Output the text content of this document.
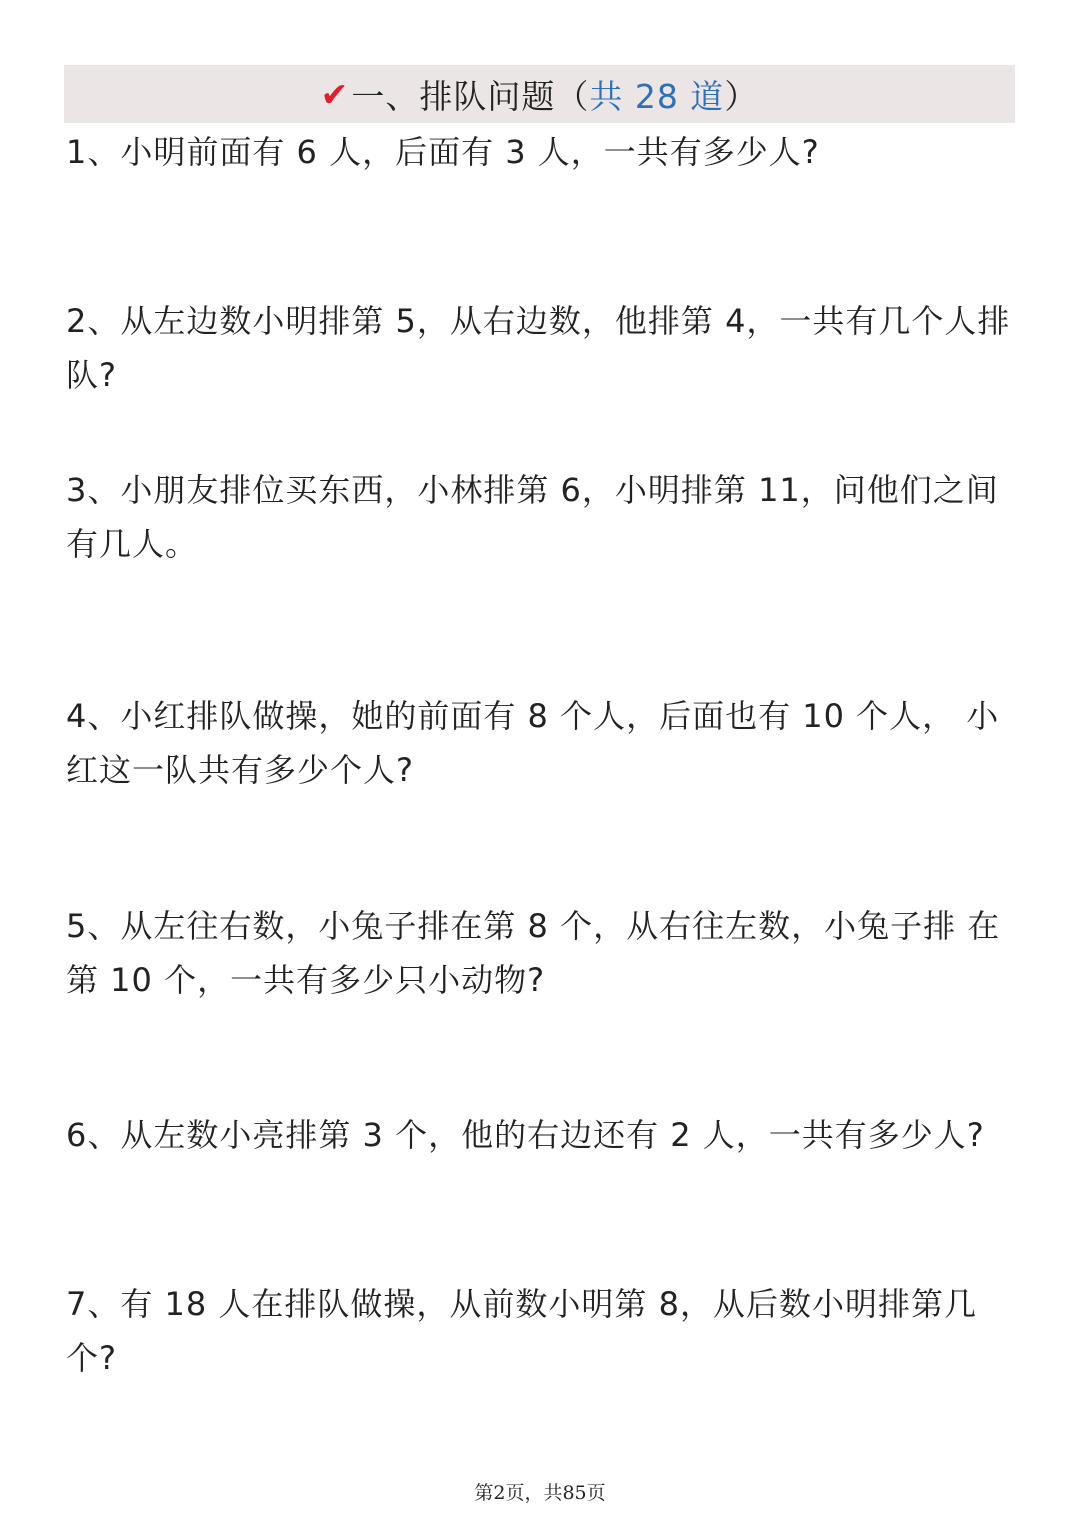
✔ 一、排队问题 （ 共 28 道 ）

1、小明前面有 6 人，后面有 3 人，一共有多少人?

2、从左边数小明排第 5，从右边数，他排第 4，一共有几个人排队?

3、小朋友排位买东西，小林排第 6，小明排第 11，问他们之间有几人。

4、小红排队做操，她的前面有 8 个人，后面也有 10 个人， 小红这一队共有多少个人?

5、从左往右数，小兔子排在第 8 个，从右往左数，小兔子排 在第 10 个，一共有多少只小动物?

6、从左数小亮排第 3 个，他的右边还有 2 人，一共有多少人?

7、有 18 人在排队做操，从前数小明第 8，从后数小明排第几个?

第2页，共85页
